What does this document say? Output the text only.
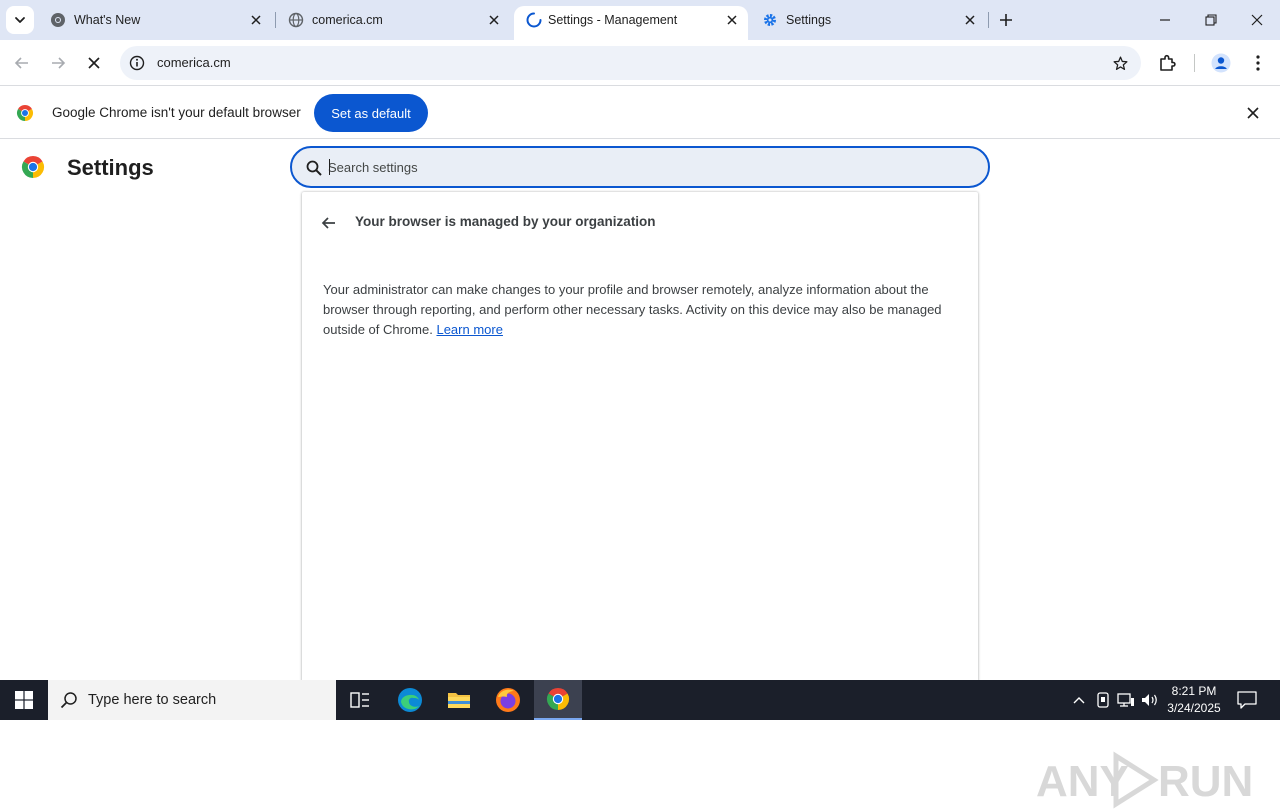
What's New	comerica.cm	Settings - Management	Settings
comerica.cm
Google Chrome isn't your default browser	Set as default
Settings
Search settings
Your browser is managed by your organization
Your administrator can make changes to your profile and browser remotely, analyze information about the
browser through reporting, and perform other necessary tasks. Activity on this device may also be managed
outside of Chrome. Learn more
ANY RUN
Type here to search
8:21 PM
3/24/2025
